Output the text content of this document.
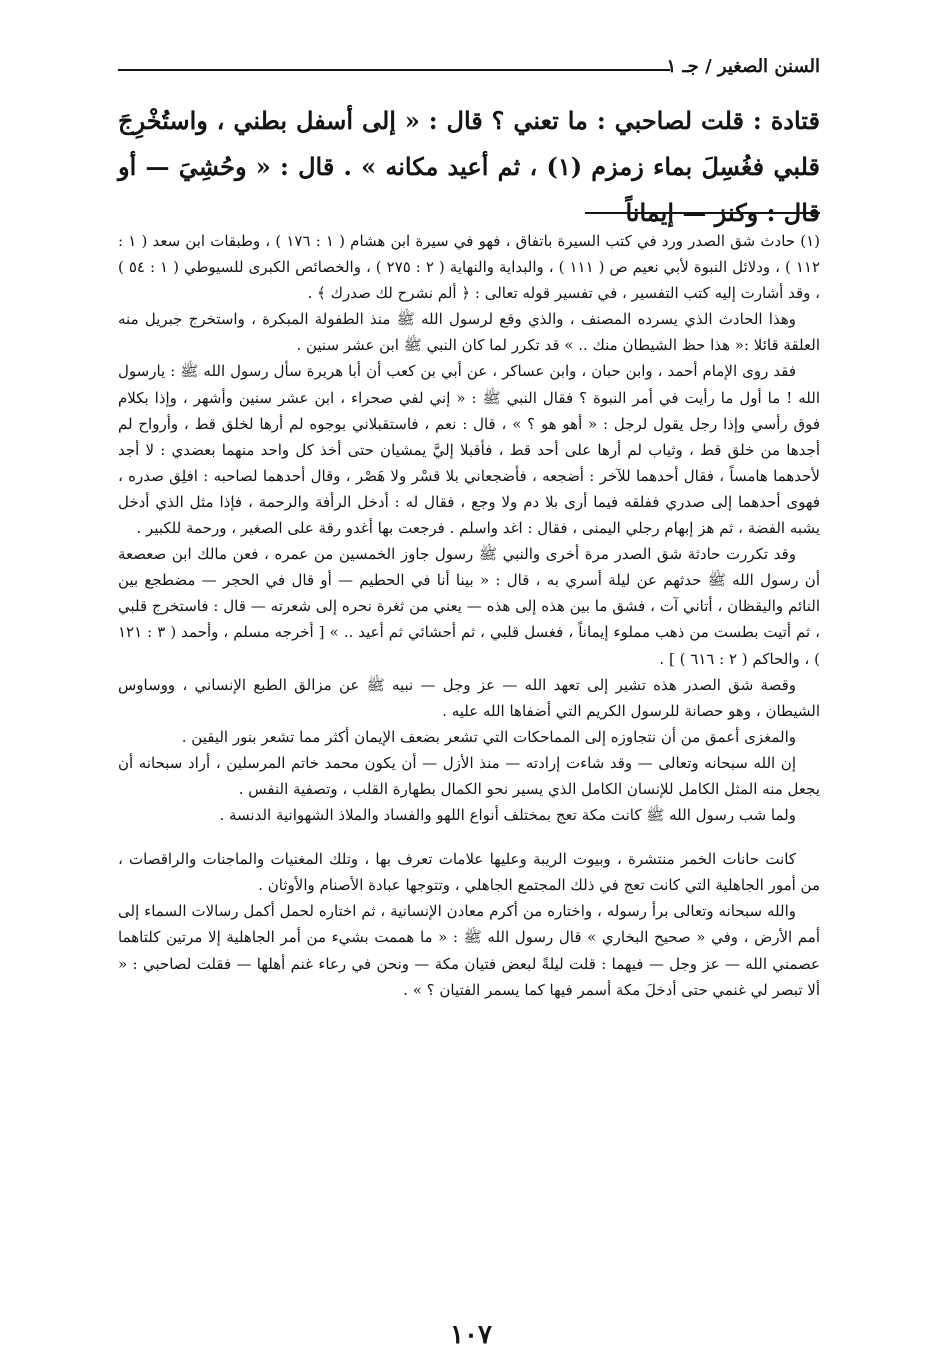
السنن الصغير / جـ ١

قتادة : قلت لصاحبي : ما تعني ؟ قال : « إلى أسفل بطني ، واستُخْرِجَ قلبي فغُسِلَ بماء زمزم (١) ، ثم أعيد مكانه » . قال : « وحُشِيَ — أو قال : وكنز — إيماناً

(١) حادث شق الصدر ورد في كتب السيرة باتفاق ، فهو في سيرة ابن هشام ( ١ : ١٧٦ ) ، وطبقات ابن سعد ( ١ : ١١٢ ) ، ودلائل النبوة لأبي نعيم ص ( ١١١ ) ، والبداية والنهاية ( ٢ : ٢٧٥ ) ، والخصائص الكبرى للسيوطي ( ١ : ٥٤ ) ، وقد أشارت إليه كتب التفسير ، في تفسير قوله تعالى : ﴿ ألم نشرح لك صدرك ﴾ .

وهذا الحادث الذي يسرده المصنف ، والذي وقع لرسول الله ﷺ منذ الطفولة المبكرة ، واستخرج جبريل منه العلقة قائلا :« هذا حظ الشيطان منك .. » قد تكرر لما كان النبي ﷺ ابن عشر سنين .

فقد روى الإمام أحمد ، وابن حبان ، وابن عساكر ، عن أبي بن كعب أن أبا هريرة سأل رسول الله ﷺ : يارسول الله ! ما أول ما رأيت في أمر النبوة ؟ فقال النبي ﷺ : « إني لفي صحراء ، ابن عشر سنين وأشهر ، وإذا بكلام فوق رأسي وإذا رجل يقول لرجل : « أهو هو ؟ » ، قال : نعم ، فاستقبلاني بوجوه لم أرها لخلق قط ، وأرواح لم أجدها من خلق قط ، وثياب لم أرها على أحد قط ، فأقبلا إليَّ يمشيان حتى أخذ كل واحد منهما بعضدي : لا أجد لأحدهما هامساً ، فقال أحدهما للآخر : أضجعه ، فأضجعاني بلا قسْر ولا هَصْر ، وقال أحدهما لصاحبه : افلِق صدره ، فهوى أحدهما إلى صدري ففلقه فيما أرى بلا دم ولا وجع ، فقال له : أدخل الرأفة والرحمة ، فإذا مثل الذي أدخل يشبه الفضة ، ثم هز إبهام رجلي اليمنى ، فقال : اغد واسلم . فرجعت بها أغدو رقة على الصغير ، ورحمة للكبير .

وقد تكررت حادثة شق الصدر مرة أخرى والنبي ﷺ رسول جاوز الخمسين من عمره ، فعن مالك ابن صعصعة أن رسول الله ﷺ حدثهم عن ليلة أسري به ، قال : « بينا أنا في الحطيم — أو قال في الحجر — مضطجع بين النائم واليقظان ، أتاني آت ، فشق ما بين هذه إلى هذه — يعني من ثغرة نحره إلى شعرته — قال : فاستخرج قلبي ، ثم أتيت بطست من ذهب مملوء إيماناً ، فغسل قلبي ، ثم أحشائي ثم أعيد .. » [ أخرجه مسلم ، وأحمد ( ٣ : ١٢١ ) ، والحاكم ( ٢ : ٦١٦ ) ] .

وقصة شق الصدر هذه تشير إلى تعهد الله — عز وجل — نبيه ﷺ عن مزالق الطبع الإنساني ، ووساوس الشيطان ، وهو حصانة للرسول الكريم التي أضفاها الله عليه .

والمغزى أعمق من أن نتجاوزه إلى المماحكات التي تشعر بضعف الإيمان أكثر مما تشعر بنور اليقين .

إن الله سبحانه وتعالى — وقد شاءت إرادته — منذ الأزل — أن يكون محمد خاتم المرسلين ، أراد سبحانه أن يجعل منه المثل الكامل للإنسان الكامل الذي يسير نحو الكمال بطهارة القلب ، وتصفية النفس .

ولما شب رسول الله ﷺ كانت مكة تعج بمختلف أنواع اللهو والفساد والملاذ الشهوانية الدنسة .

كانت حانات الخمر منتشرة ، وبيوت الريبة وعليها علامات تعرف بها ، وتلك المغنيات والماجنات والراقصات ، من أمور الجاهلية التي كانت تعج في ذلك المجتمع الجاهلي ، وتتوجها عبادة الأصنام والأوثان .

والله سبحانه وتعالى برأ رسوله ، واختاره من أكرم معادن الإنسانية ، ثم اختاره لحمل أكمل رسالات السماء إلى أمم الأرض ، وفي « صحيح البخاري » قال رسول الله ﷺ : « ما هممت بشيء من أمر الجاهلية إلا مرتين كلتاهما عصمني الله — عز وجل — فيهما : قلت ليلةً لبعض فتيان مكة — ونحن في رعاء غنم أهلها — فقلت لصاحبي : « ألا تبصر لي غنمي حتى أدخلَ مكة أسمر فيها كما يسمر الفتيان ؟ » .

١٠٧
